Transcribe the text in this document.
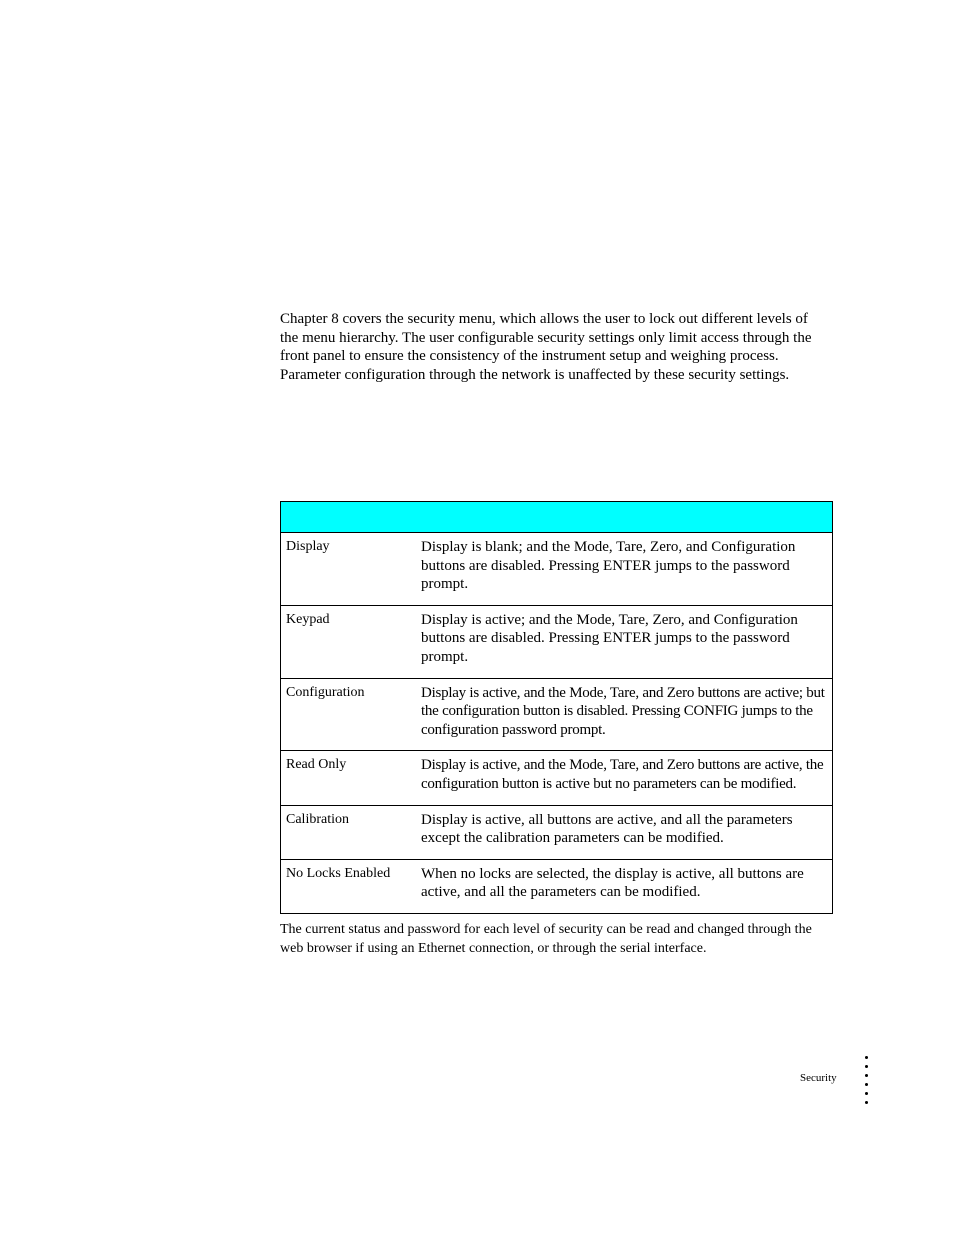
Chapter 8 covers the security menu, which allows the user to lock out different levels of the menu hierarchy. The user configurable security settings only limit access through the front panel to ensure the consistency of the instrument setup and weighing process. Parameter configuration through the network is unaffected by these security settings.

Display	Display is blank; and the Mode, Tare, Zero, and Configuration buttons are disabled. Pressing ENTER jumps to the password prompt.
Keypad	Display is active; and the Mode, Tare, Zero, and Configuration buttons are disabled. Pressing ENTER jumps to the password prompt.
Configuration	Display is active, and the Mode, Tare, and Zero buttons are active; but the configuration button is disabled. Pressing CONFIG jumps to the configuration password prompt.
Read Only	Display is active, and the Mode, Tare, and Zero buttons are active, the configuration button is active but no parameters can be modified.
Calibration	Display is active, all buttons are active, and all the parameters except the calibration parameters can be modified.
No Locks Enabled	When no locks are selected, the display is active, all buttons are active, and all the parameters can be modified.

The current status and password for each level of security can be read and changed through the web browser if using an Ethernet connection, or through the serial interface.

Security
